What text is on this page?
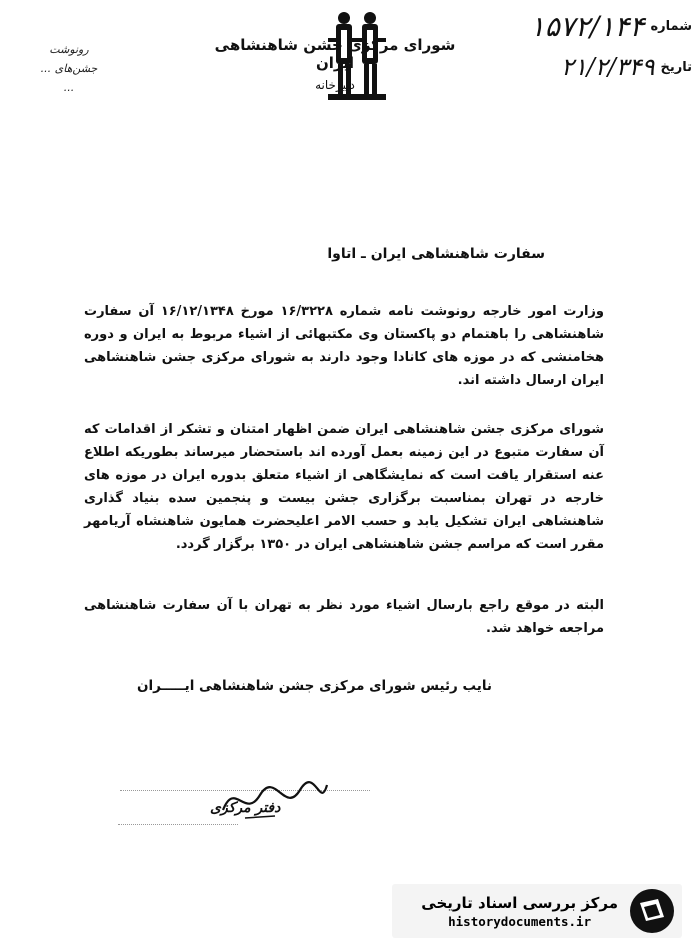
رونوشت
جشن‌های ...
...
شورای مرکزی جشن شاهنشاهی ایران
دبیرخانه
شماره
۱۵۷۲/۱۴۴
تاریخ
۲۱/۲/۳۴۹
سفارت شاهنشاهی ایران ـ اتاوا
وزارت امور خارجه رونوشت نامه شماره ۱۶/۳۲۲۸ مورخ ۱۶/۱۲/۱۳۴۸ آن سفارت شاهنشاهی را باهتمام دو پاکستان وی مکتبهائی از اشیاء مربوط به ایران و دوره هخامنشی که در موزه های کانادا وجود دارند به شورای مرکزی جشن شاهنشاهی ایران ارسال داشته اند.
شورای مرکزی جشن شاهنشاهی ایران ضمن اظهار امتنان و تشکر از اقدامات که آن سفارت متبوع در این زمینه بعمل آورده اند باستحضار میرساند بطوریکه اطلاع عنه استقرار یافت است که نمایشگاهی از اشیاء متعلق بدوره ایران در موزه های خارجه در تهران بمناسبت برگزاری جشن بیست و پنجمین سده بنیاد گذاری شاهنشاهی ایران تشکیل یابد و حسب الامر اعلیحضرت همایون شاهنشاه آریامهر مقرر است که مراسم جشن شاهنشاهی ایران در ۱۳۵۰ برگزار گردد.
البته در موقع راجع بارسال اشیاء مورد نظر به تهران با آن سفارت شاهنشاهی مراجعه خواهد شد.
نایب رئیس شورای مرکزی جشن شاهنشاهی ایـــــران
دفتر مرکزی
مرکز بررسی اسناد تاریخی
historydocuments.ir
